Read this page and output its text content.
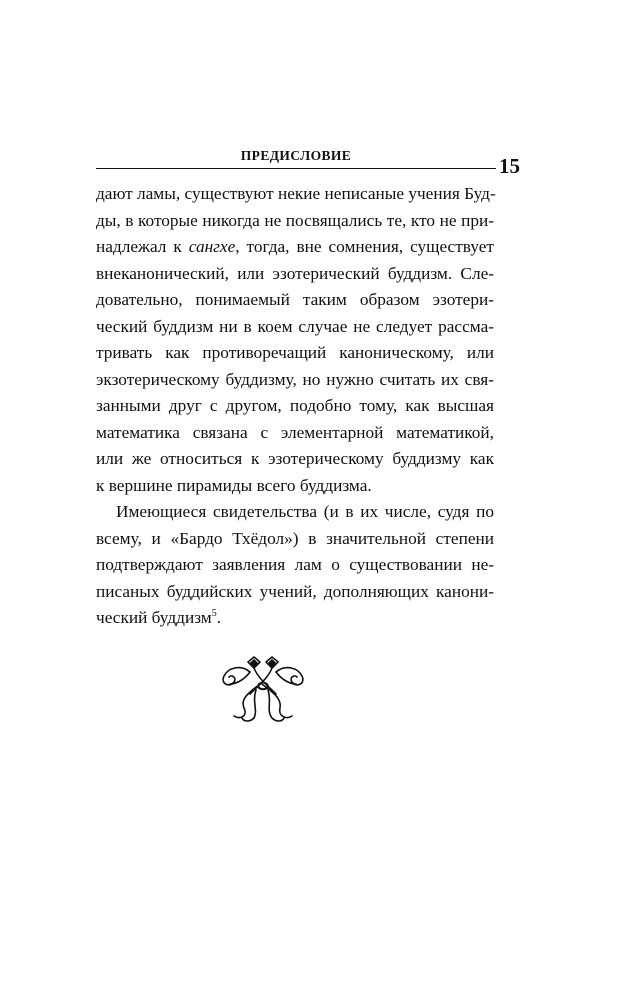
ПРЕДИСЛОВИЕ	15
дают ламы, существуют некие неписаные учения Буд-
ды, в которые никогда не посвящались те, кто не при-
надлежал к сангхе, тогда, вне сомнения, существует
внеканонический, или эзотерический буддизм. Сле-
довательно, понимаемый таким образом эзотери-
ческий буддизм ни в коем случае не следует рассма-
тривать как противоречащий каноническому, или
экзотерическому буддизму, но нужно считать их свя-
занными друг с другом, подобно тому, как высшая
математика связана с элементарной математикой,
или же относиться к эзотерическому буддизму как
к вершине пирамиды всего буддизма.
Имеющиеся свидетельства (и в их числе, судя по
всему, и «Бардо Тхёдол») в значительной степени
подтверждают заявления лам о существовании не-
писаных буддийских учений, дополняющих канони-
ческий буддизм$^5$.
